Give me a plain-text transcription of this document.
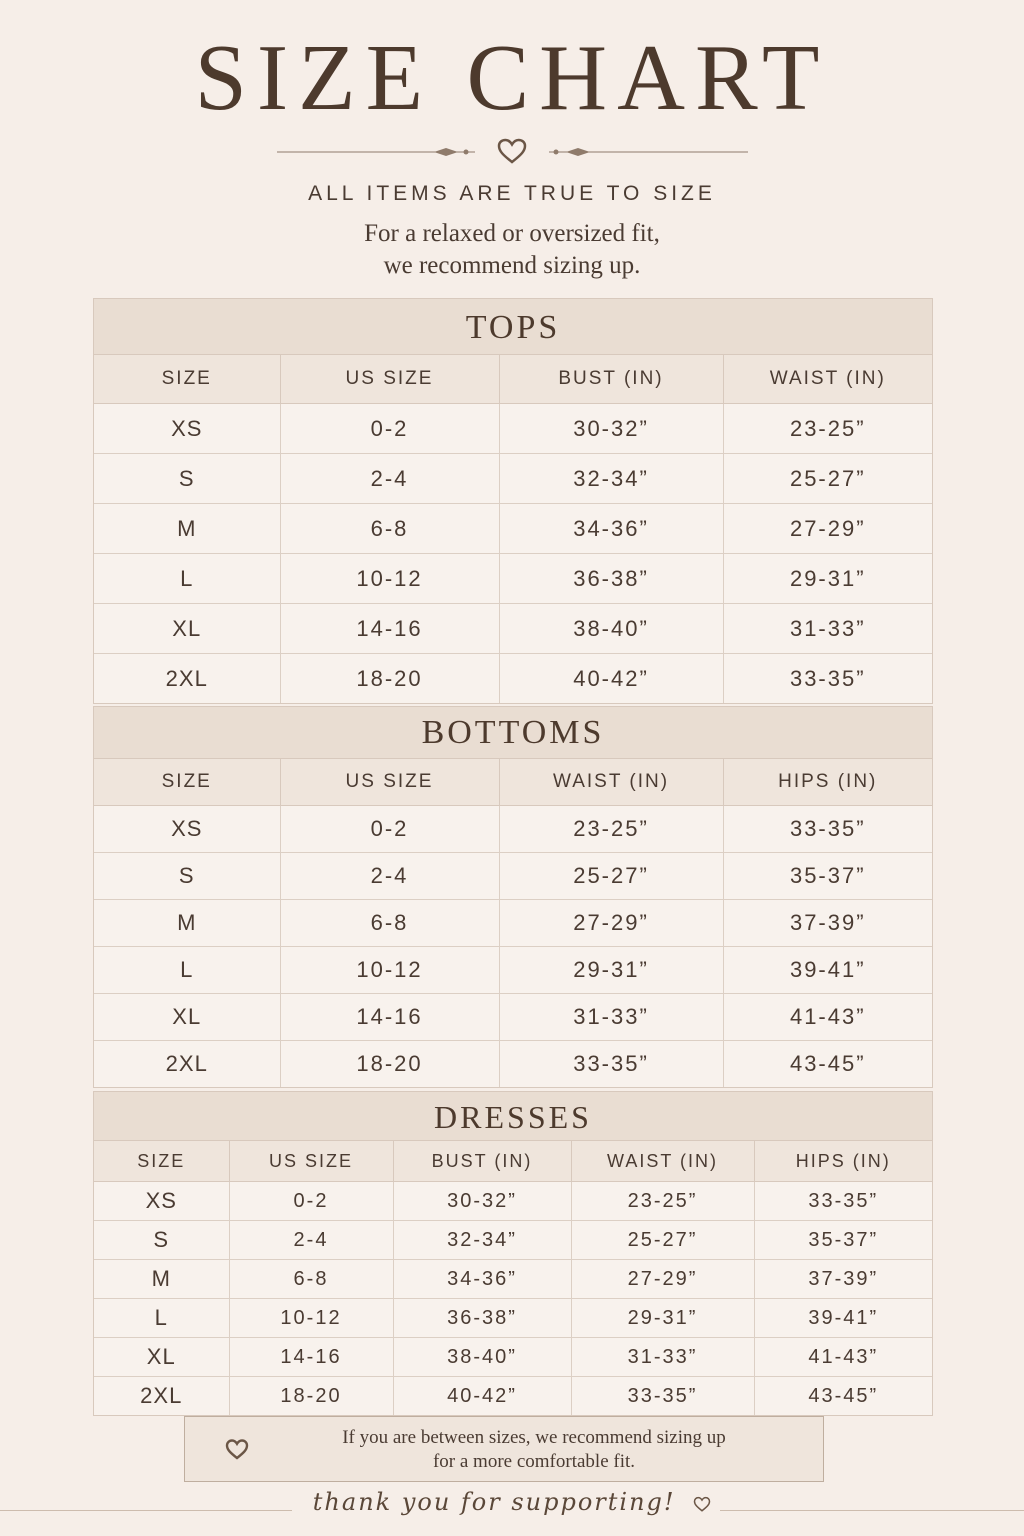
SIZE CHART
ALL ITEMS ARE TRUE TO SIZE
For a relaxed or oversized fit,
we recommend sizing up.
TOPS
SIZE	US SIZE	BUST (IN)	WAIST (IN)
XS	0-2	30-32”	23-25”
S	2-4	32-34”	25-27”
M	6-8	34-36”	27-29”
L	10-12	36-38”	29-31”
XL	14-16	38-40”	31-33”
2XL	18-20	40-42”	33-35”
BOTTOMS
SIZE	US SIZE	WAIST (IN)	HIPS (IN)
XS	0-2	23-25”	33-35”
S	2-4	25-27”	35-37”
M	6-8	27-29”	37-39”
L	10-12	29-31”	39-41”
XL	14-16	31-33”	41-43”
2XL	18-20	33-35”	43-45”
DRESSES
SIZE	US SIZE	BUST (IN)	WAIST (IN)	HIPS (IN)
XS	0-2	30-32”	23-25”	33-35”
S	2-4	32-34”	25-27”	35-37”
M	6-8	34-36”	27-29”	37-39”
L	10-12	36-38”	29-31”	39-41”
XL	14-16	38-40”	31-33”	41-43”
2XL	18-20	40-42”	33-35”	43-45”
If you are between sizes, we recommend sizing up
for a more comfortable fit.
thank you for supporting!
